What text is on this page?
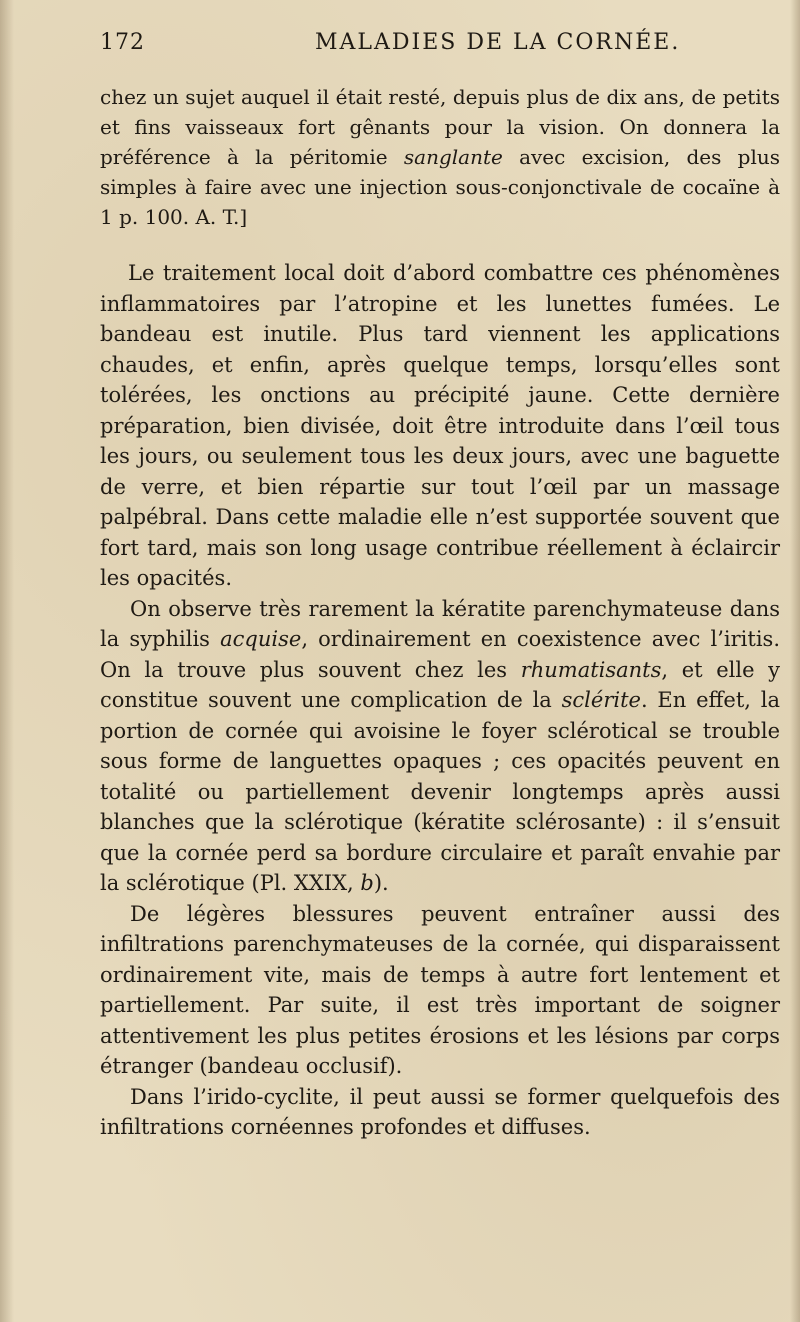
172	MALADIES DE LA CORNÉE.

chez un sujet auquel il était resté, depuis plus de dix ans, de petits et fins vaisseaux fort gênants pour la vision. On donnera la préférence à la péritomie sanglante avec excision, des plus simples à faire avec une injection sous-conjonctivale de cocaïne à 1 p. 100. A. T.]

Le traitement local doit d’abord combattre ces phénomènes inflammatoires par l’atropine et les lunettes fumées. Le bandeau est inutile. Plus tard viennent les applications chaudes, et enfin, après quelque temps, lorsqu’elles sont tolérées, les onctions au précipité jaune. Cette dernière préparation, bien divisée, doit être introduite dans l’œil tous les jours, ou seulement tous les deux jours, avec une baguette de verre, et bien répartie sur tout l’œil par un massage palpébral. Dans cette maladie elle n’est supportée souvent que fort tard, mais son long usage contribue réellement à éclaircir les opacités.

On observe très rarement la kératite parenchymateuse dans la syphilis acquise, ordinairement en coexistence avec l’iritis. On la trouve plus souvent chez les rhumatisants, et elle y constitue souvent une complication de la sclérite. En effet, la portion de cornée qui avoisine le foyer sclérotical se trouble sous forme de languettes opaques ; ces opacités peuvent en totalité ou partiellement devenir longtemps après aussi blanches que la sclérotique (kératite sclérosante) : il s’ensuit que la cornée perd sa bordure circulaire et paraît envahie par la sclérotique (Pl. XXIX, b).

De légères blessures peuvent entraîner aussi des infiltrations parenchymateuses de la cornée, qui disparaissent ordinairement vite, mais de temps à autre fort lentement et partiellement. Par suite, il est très important de soigner attentivement les plus petites érosions et les lésions par corps étranger (bandeau occlusif).

Dans l’irido-cyclite, il peut aussi se former quelquefois des infiltrations cornéennes profondes et diffuses.
